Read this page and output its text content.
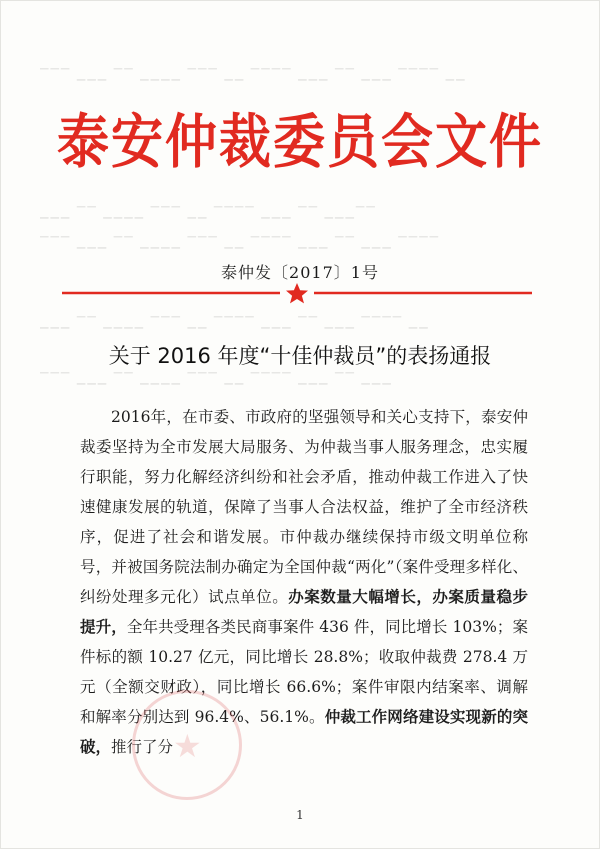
▔▔▔ ▁▁▁ ▔▔ ▁▁▁▁ ▔▔▔ ▁▁ ▔▔▔▔ ▁▁▁ ▔▔ ▁▁▁ ▔▔▔▔ ▁▁
▁▁▁ ▔▔ ▁▁▁▁ ▔▔▔ ▁▁ ▔▔▔▔ ▁▁▁ ▔▔ ▁▁▁▔▔
▔▔▔ ▁▁▁ ▔▔ ▁▁▁▁ ▔▔▔ ▁▁ ▔▔▔▔ ▁▁▁ ▔▔ ▁▁▁ ▔▔▔▔
▁▁▁ ▔▔ ▁▁▁▁ ▔▔▔ ▁▁ ▔▔▔▔ ▁▁▁ ▔▔ ▁▁▁ ▔▔▔▔ ▁▁
▔▔▔ ▁▁▁ ▔▔ ▁▁▁▁ ▔▔▔ ▁▁ ▔▔▔▔ ▁▁▁ ▔▔ ▁▁▁
泰安仲裁委员会文件
泰仲发〔2017〕1号
关于 2016 年度“十佳仲裁员”的表扬通报

2016年，在市委、市政府的坚强领导和关心支持下，泰安仲裁委坚持为全市发展大局服务、为仲裁当事人服务理念，忠实履行职能，努力化解经济纠纷和社会矛盾，推动仲裁工作进入了快速健康发展的轨道，保障了当事人合法权益，维护了全市经济秩序，促进了社会和谐发展。市仲裁办继续保持市级文明单位称号，并被国务院法制办确定为全国仲裁“两化”（案件受理多样化、纠纷处理多元化）试点单位。办案数量大幅增长，办案质量稳步提升，全年共受理各类民商事案件 436 件，同比增长 103%；案件标的额 10.27 亿元，同比增长 28.8%；收取仲裁费 278.4 万元（全额交财政），同比增长 66.6%；案件审限内结案率、调解和解率分别达到 96.4%、56.1%。仲裁工作网络建设实现新的突破，推行了分 ★
1
